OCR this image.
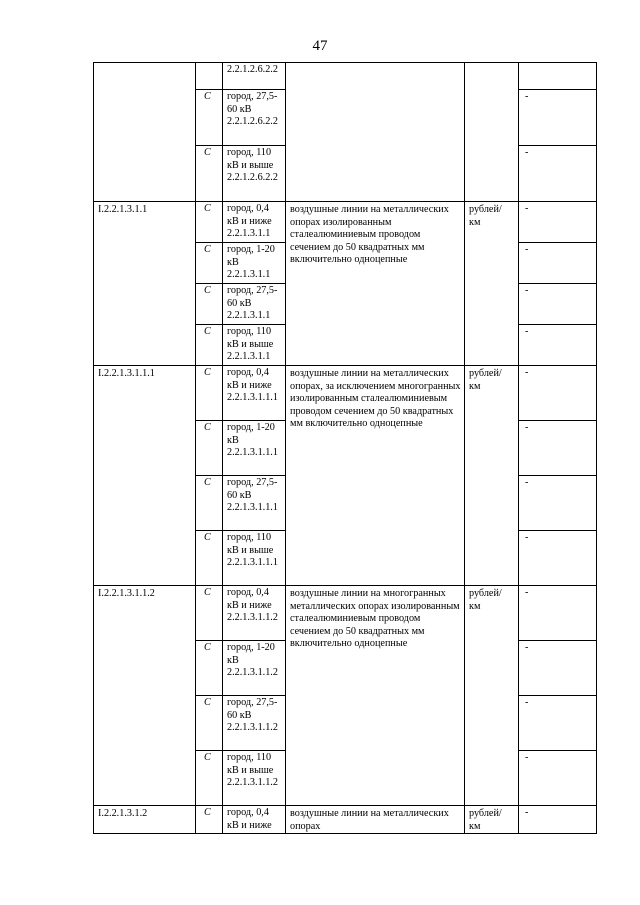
47
		2.2.1.2.6.2.2			
	С	город, 27,5-60 кВ 2.2.1.2.6.2.2			-
	С	город, 110 кВ и выше 2.2.1.2.6.2.2			-
I.2.2.1.3.1.1	С	город, 0,4 кВ и ниже 2.2.1.3.1.1	воздушные линии на металлических опорах изолированным сталеалюминиевым проводом сечением до 50 квадратных мм включительно одноцепные	рублей/ км	-
	С	город, 1-20 кВ 2.2.1.3.1.1			-
	С	город, 27,5-60 кВ 2.2.1.3.1.1			-
	С	город, 110 кВ и выше 2.2.1.3.1.1			-
I.2.2.1.3.1.1.1	С	город, 0,4 кВ и ниже 2.2.1.3.1.1.1	воздушные линии на металлических опорах, за исключением многогранных изолированным сталеалюминиевым проводом сечением до 50 квадратных мм включительно одноцепные	рублей/ км	-
	С	город, 1-20 кВ 2.2.1.3.1.1.1			-
	С	город, 27,5-60 кВ 2.2.1.3.1.1.1			-
	С	город, 110 кВ и выше 2.2.1.3.1.1.1			-
I.2.2.1.3.1.1.2	С	город, 0,4 кВ и ниже 2.2.1.3.1.1.2	воздушные линии на многогранных металлических опорах изолированным сталеалюминиевым проводом сечением до 50 квадратных мм включительно одноцепные	рублей/ км	-
	С	город, 1-20 кВ 2.2.1.3.1.1.2			-
	С	город, 27,5-60 кВ 2.2.1.3.1.1.2			-
	С	город, 110 кВ и выше 2.2.1.3.1.1.2			-
I.2.2.1.3.1.2	С	город, 0,4 кВ и ниже	воздушные линии на металлических опорах	рублей/ км	-
